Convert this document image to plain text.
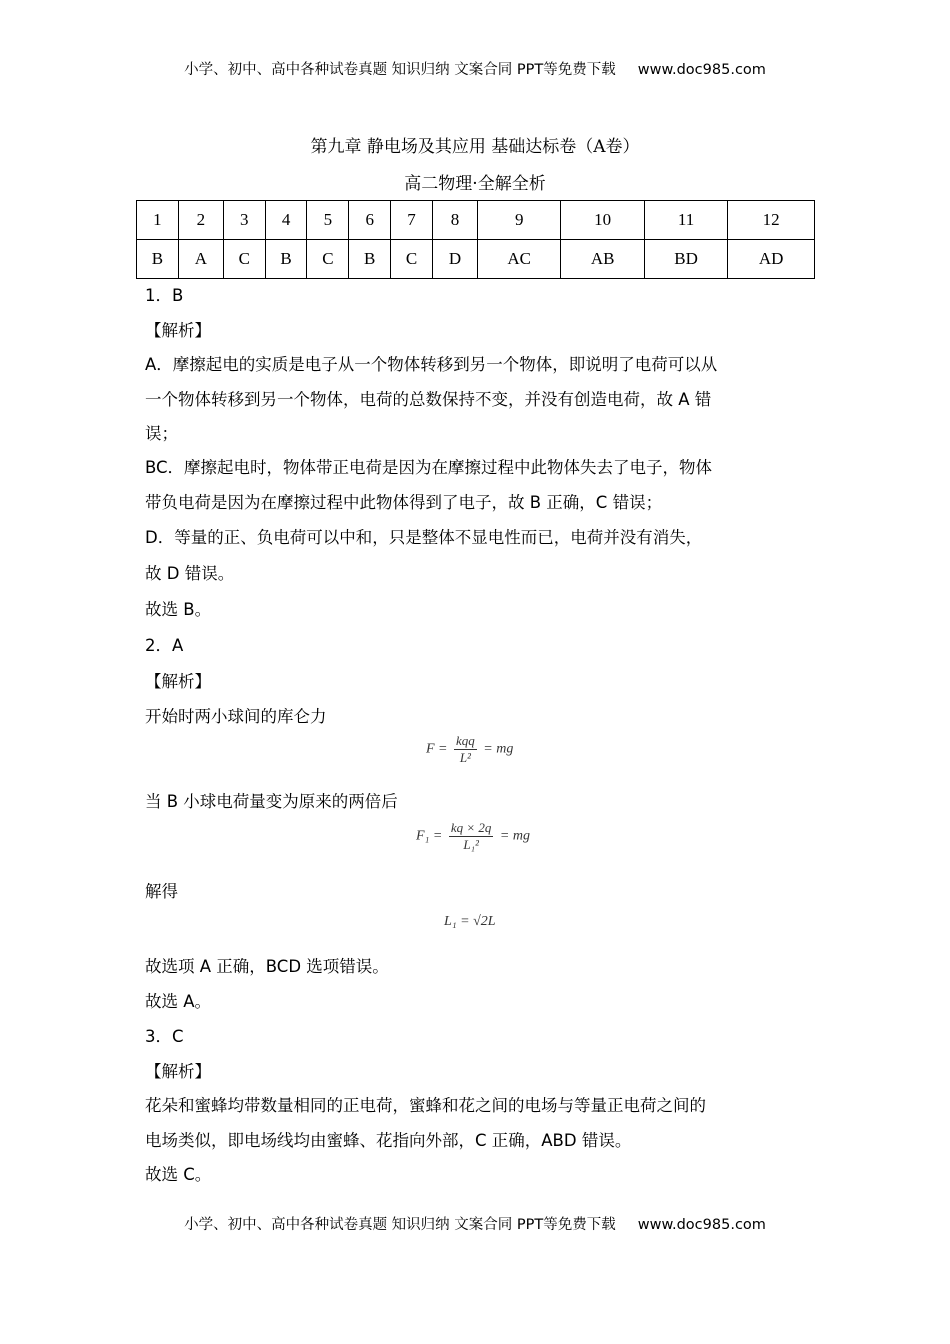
小学、初中、高中各种试卷真题 知识归纳 文案合同 PPT等免费下载 www.doc985.com
第九章 静电场及其应用 基础达标卷（A卷）
高二物理·全解全析
1	2	3	4	5	6	7	8	9	10	11	12
B	A	C	B	C	B	C	D	AC	AB	BD	AD
1．B
【解析】
A．摩擦起电的实质是电子从一个物体转移到另一个物体，即说明了电荷可以从
一个物体转移到另一个物体，电荷的总数保持不变，并没有创造电荷，故 A 错
误；
BC．摩擦起电时，物体带正电荷是因为在摩擦过程中此物体失去了电子，物体
带负电荷是因为在摩擦过程中此物体得到了电子，故 B 正确，C 错误；
D．等量的正、负电荷可以中和，只是整体不显电性而已，电荷并没有消失，
故 D 错误。
故选 B。
2．A
【解析】
开始时两小球间的库仑力
$F = \frac{\text{kqq}}{\text{L²}}$ = mg
当 B 小球电荷量变为原来的两倍后
$F_1 = \frac{kq \times 2q}{\text{L₁²}}$ = mg
解得
L₁ = √2L
故选项 A 正确，BCD 选项错误。
故选 A。
3．C
【解析】
花朵和蜜蜂均带数量相同的正电荷，蜜蜂和花之间的电场与等量正电荷之间的
电场类似，即电场线均由蜜蜂、花指向外部，C 正确，ABD 错误。
故选 C。
小学、初中、高中各种试卷真题 知识归纳 文案合同 PPT等免费下载 www.doc985.com
